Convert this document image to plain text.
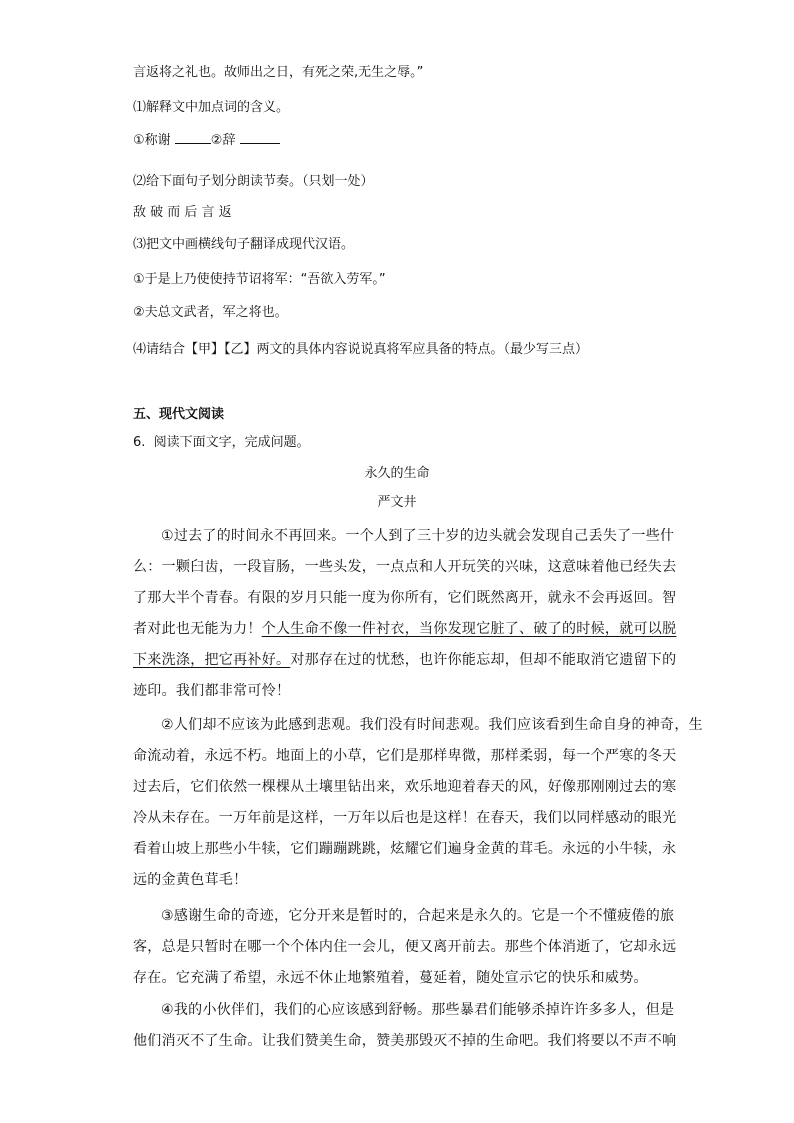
言返将之礼也。故师出之日，有死之荣,无生之辱。”
⑴解释文中加点词的含义。
①称谢	②辞
⑵给下面句子划分朗读节奏。（只划一处）
敌 破 而 后 言 返
⑶把文中画横线句子翻译成现代汉语。
①于是上乃使使持节诏将军：“吾欲入劳军。”
②夫总文武者，军之将也。
⑷请结合【甲】【乙】两文的具体内容说说真将军应具备的特点。（最少写三点）
五、现代文阅读
6. 阅读下面文字，完成问题。
永久的生命
严文井
①过去了的时间永不再回来。一个人到了三十岁的边头就会发现自己丢失了一些什
么：一颗臼齿，一段盲肠，一些头发，一点点和人开玩笑的兴味，这意味着他已经失去
了那大半个青春。有限的岁月只能一度为你所有，它们既然离开，就永不会再返回。智
者对此也无能为力！个人生命不像一件衬衣，当你发现它脏了、破了的时候，就可以脱
下来洗涤，把它再补好。对那存在过的忧愁，也许你能忘却，但却不能取消它遗留下的
迹印。我们都非常可怜！
②人们却不应该为此感到悲观。我们没有时间悲观。我们应该看到生命自身的神奇，生
命流动着，永远不朽。地面上的小草，它们是那样卑微，那样柔弱，每一个严寒的冬天
过去后，它们依然一棵棵从土壤里钻出来，欢乐地迎着春天的风，好像那刚刚过去的寒
冷从未存在。一万年前是这样，一万年以后也是这样！在春天，我们以同样感动的眼光
看着山坡上那些小牛犊，它们蹦蹦跳跳，炫耀它们遍身金黄的茸毛。永远的小牛犊，永
远的金黄色茸毛！
③感谢生命的奇迹，它分开来是暂时的，合起来是永久的。它是一个不懂疲倦的旅
客，总是只暂时在哪一个个体内住一会儿，便又离开前去。那些个体消逝了，它却永远
存在。它充满了希望，永远不休止地繁殖着，蔓延着，随处宣示它的快乐和威势。
④我的小伙伴们，我们的心应该感到舒畅。那些暴君们能够杀掉许许多多人，但是
他们消灭不了生命。让我们赞美生命，赞美那毁灭不掉的生命吧。我们将要以不声不响
